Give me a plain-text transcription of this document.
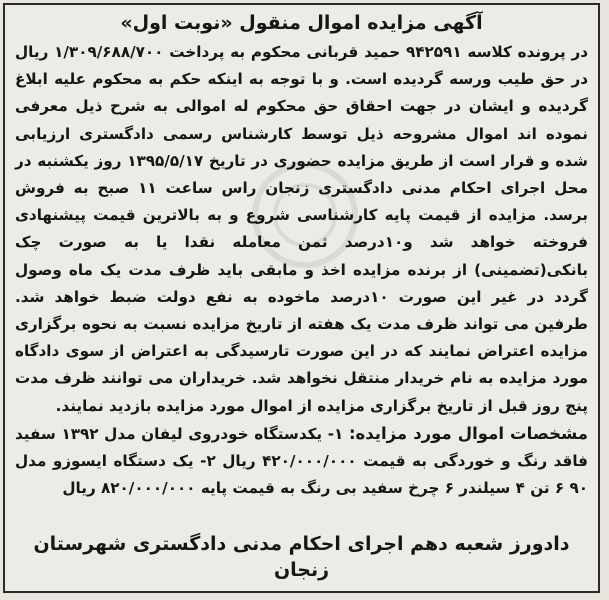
آگهی مزایده اموال منقول «نوبت اول»
در پرونده کلاسه ۹۴۲۵۹۱ حمید قربانی محکوم به پرداخت ۱/۳۰۹/۶۸۸/۷۰۰ ریال در حق طیب ورسه گردیده است. و با توجه به اینکه حکم به محکوم علیه ابلاغ گردیده و ایشان در جهت احقاق حق محکوم له اموالی به شرح ذیل معرفی نموده اند اموال مشروحه ذیل توسط کارشناس رسمی دادگستری ارزیابی شده و قرار است از طریق مزایده حضوری در تاریخ ۱۳۹۵/۵/۱۷ روز یکشنبه در محل اجرای احکام مدنی دادگستری زنجان راس ساعت ۱۱ صبح به فروش برسد. مزایده از قیمت پایه کارشناسی شروع و به بالاترین قیمت پیشنهادی فروخته خواهد شد و۱۰درصد ثمن معامله نقدا یا به صورت چک بانکی(تضمینی) از برنده مزایده اخذ و مابقی باید ظرف مدت یک ماه وصول گردد در غیر این صورت ۱۰درصد ماخوده به نفع دولت ضبط خواهد شد. طرفین می تواند ظرف مدت یک هفته از تاریخ مزایده نسبت به نحوه برگزاری مزایده اعتراض نمایند که در این صورت تارسیدگی به اعتراض از سوی دادگاه مورد مزایده به نام خریدار منتقل نخواهد شد. خریداران می توانند ظرف مدت پنج روز قبل از تاریخ برگزاری مزایده از اموال مورد مزایده بازدید نمایند.
مشخصات اموال مورد مزایده: ۱- یکدستگاه خودروی لیفان مدل ۱۳۹۲ سفید فاقد رنگ و خوردگی به قیمت ۴۲۰/۰۰۰/۰۰۰ ریال ۲- یک دستگاه ایسوزو مدل ۹۰ ۶ تن ۴ سیلندر ۶ چرخ سفید بی رنگ به قیمت پایه ۸۲۰/۰۰۰/۰۰۰ ریال
دادورز شعبه دهم اجرای احکام مدنی دادگستری شهرستان زنجان
